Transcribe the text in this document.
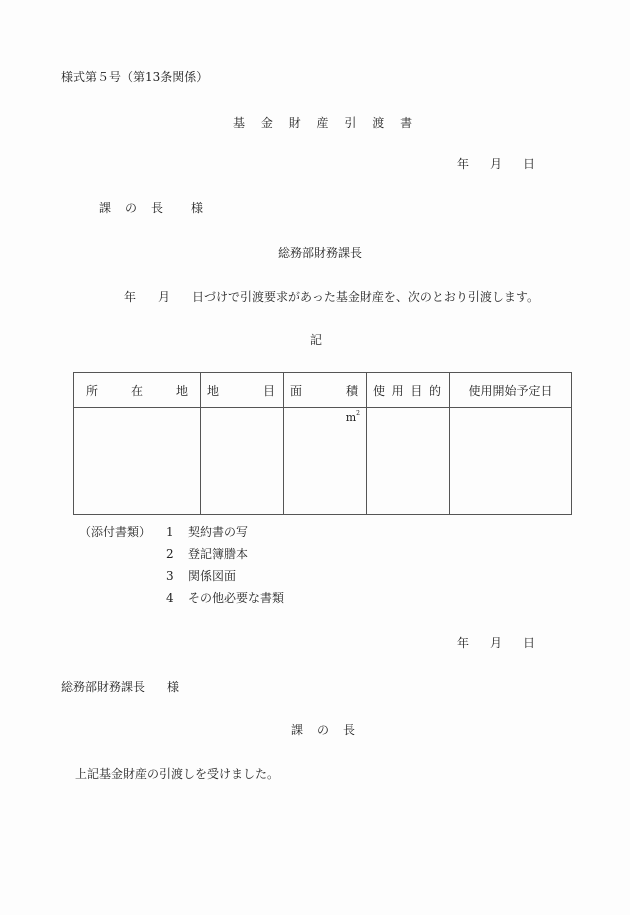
様式第５号（第13条関係）
基 金 財 産 引 渡 書
年 月 日
課 の 長 様
総務部財務課長
年 月 日づけで引渡要求があった基金財産を、次のとおり引渡します。
記
所 在 地	地 目	面 積	使 用 目 的	使用開始予定日

		$m^2$

（添付書類） 1 契約書の写
2 登記簿謄本
3 関係図面
4 その他必要な書類
年 月 日
総務部財務課長 様
課 の 長
上記基金財産の引渡しを受けました。
